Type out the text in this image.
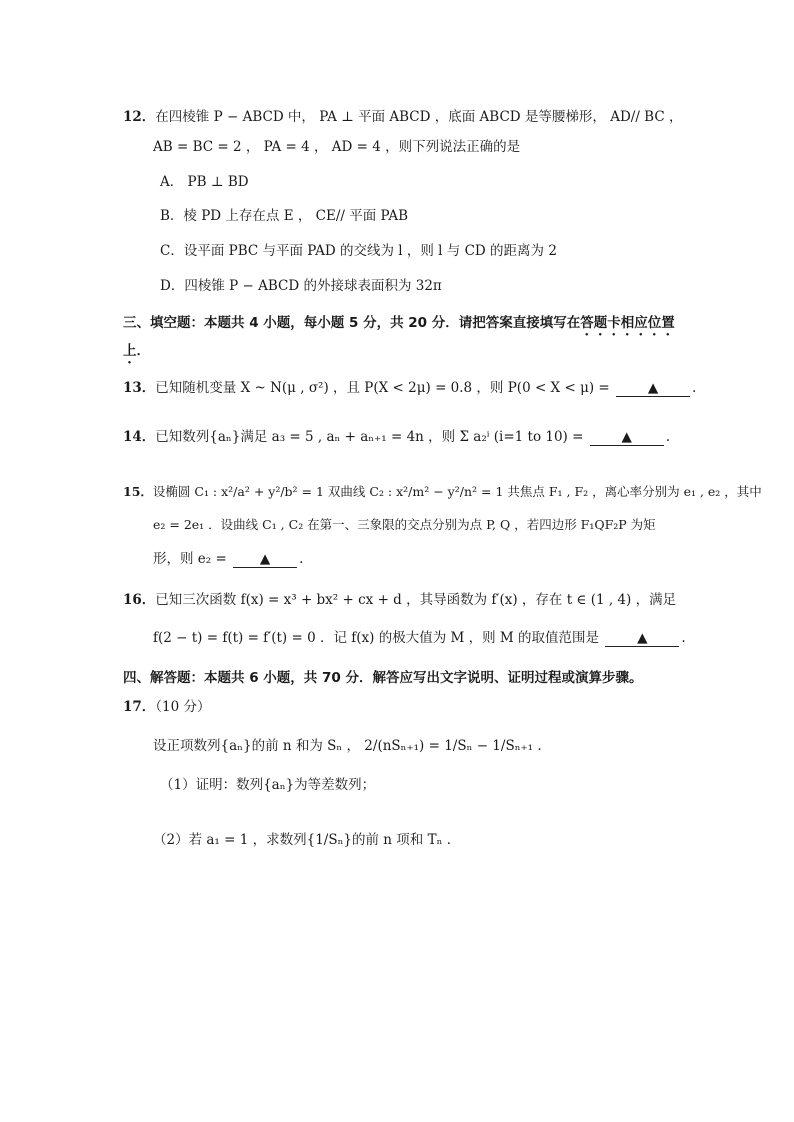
12．在四棱锥 P − ABCD 中， PA ⊥ 平面 ABCD ，底面 ABCD 是等腰梯形， AD// BC ，
AB = BC = 2 ， PA = 4 ， AD = 4 ，则下列说法正确的是
A． PB ⊥ BD
B．棱 PD 上存在点 E ， CE// 平面 PAB
C．设平面 PBC 与平面 PAD 的交线为 l ，则 l 与 CD 的距离为 2
D．四棱锥 P − ABCD 的外接球表面积为 32π
三、填空题：本题共 4 小题，每小题 5 分，共 20 分．请把答案直接填写在答题卡相应位置
上．
13．已知随机变量 X ~ N(μ , σ²) ，且 P(X < 2μ) = 0.8 ，则 P(0 < X < μ) =	▲	.
14．已知数列{aₙ}满足 a₃ = 5 , aₙ + aₙ₊₁ = 4n ，则 Σ a₂ⁱ (i=1 to 10) =	▲	.
15．设椭圆 C₁ : x²/a² + y²/b² = 1 双曲线 C₂ : x²/m² − y²/n² = 1 共焦点 F₁ , F₂ ，离心率分别为 e₁ , e₂ ，其中
e₂ = 2e₁ ．设曲线 C₁ , C₂ 在第一、三象限的交点分别为点 P, Q ，若四边形 F₁QF₂P 为矩
形，则 e₂ = ▲ .
16．已知三次函数 f(x) = x³ + bx² + cx + d ，其导函数为 f′(x) ，存在 t ∈ (1 , 4) ，满足
f(2 − t) = f(t) = f′(t) = 0 ．记 f(x) 的极大值为 M ，则 M 的取值范围是	▲	.
四、解答题：本题共 6 小题，共 70 分．解答应写出文字说明、证明过程或演算步骤。
17．（10 分）
设正项数列{aₙ}的前 n 和为 Sₙ ， 2/(nSₙ₊₁) = 1/Sₙ − 1/Sₙ₊₁ ．
（1）证明：数列{aₙ}为等差数列；
（2）若 a₁ = 1 ，求数列{1/Sₙ}的前 n 项和 Tₙ ．
